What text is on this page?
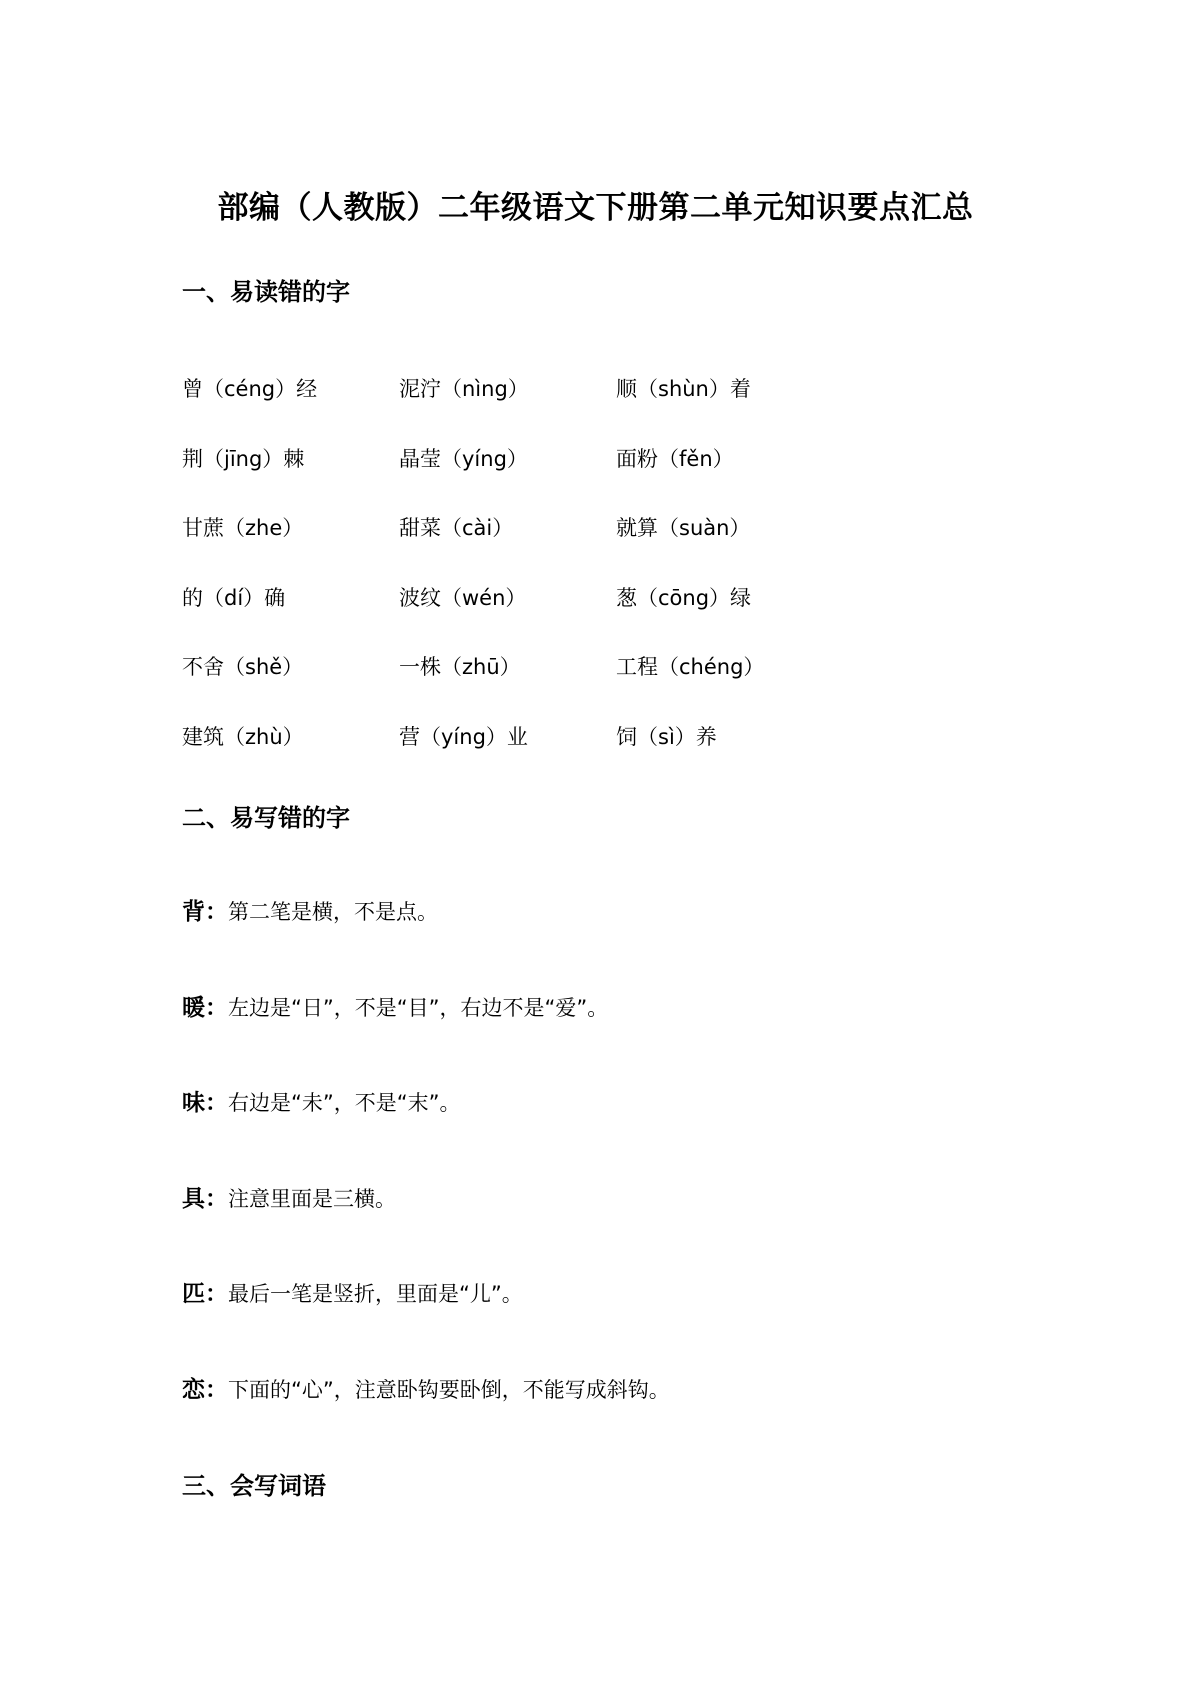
部编（人教版）二年级语文下册第二单元知识要点汇总
一、易读错的字
曾（céng）经	泥泞（nìng）	顺（shùn）着
荆（jīng）棘	晶莹（yíng）	面粉（fěn）
甘蔗（zhe）	甜菜（cài）	就算（suàn）
的（dí）确	波纹（wén）	葱（cōng）绿
不舍（shě）	一株（zhū）	工程（chéng）
建筑（zhù）	营（yíng）业	饲（sì）养
二、易写错的字
背：第二笔是横，不是点。
暖：左边是“日”，不是“目”，右边不是“爱”。
味：右边是“未”，不是“末”。
具：注意里面是三横。
匹：最后一笔是竖折，里面是“儿”。
恋：下面的“心”，注意卧钩要卧倒，不能写成斜钩。
三、会写词语
